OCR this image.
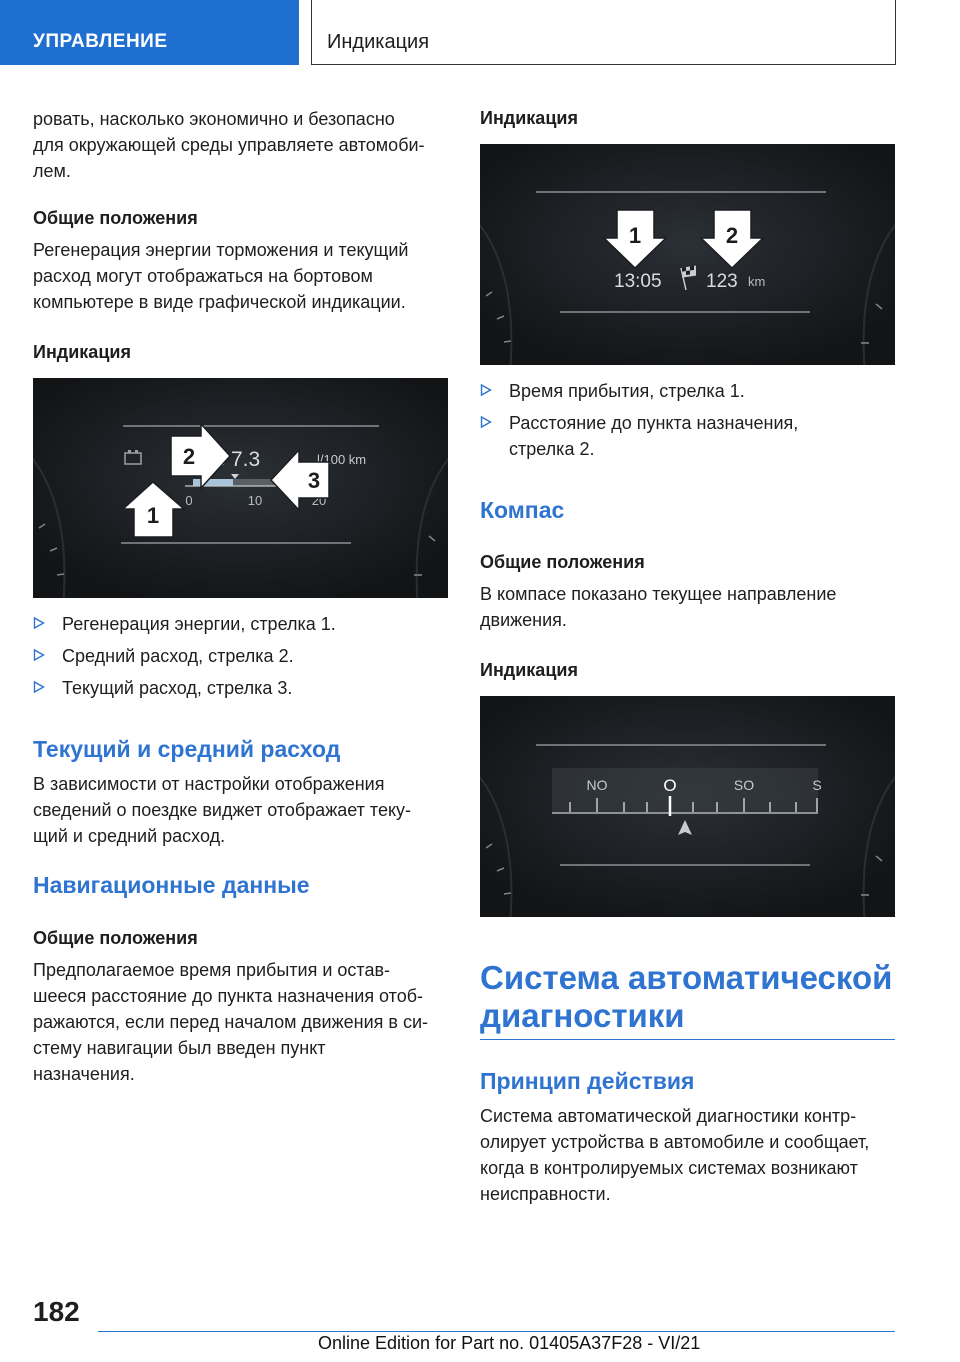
УПРАВЛЕНИЕ	Индикация
ровать, насколько экономично и безопасно
для окружающей среды управляете автомоби-
лем.
Общие положения
Регенерация энергии торможения и текущий
расход могут отображаться на бортовом
компьютере в виде графической индикации.
Индикация
7.3	l/100 km
0	10	20
1
2
3
Регенерация энергии, стрелка 1.
Средний расход, стрелка 2.
Текущий расход, стрелка 3.
Текущий и средний расход
В зависимости от настройки отображения
сведений о поездке виджет отображает теку-
щий и средний расход.
Навигационные данные
Общие положения
Предполагаемое время прибытия и остав-
шееся расстояние до пункта назначения отоб-
ражаются, если перед началом движения в си-
стему навигации был введен пункт
назначения.
Индикация
1	2
13:05 123 km
Время прибытия, стрелка 1.
Расстояние до пункта назначения,
стрелка 2.
Компас
Общие положения
В компасе показано текущее направление
движения.
Индикация
NO	O	SO	S
Система автоматической
диагностики
Принцип действия
Система автоматической диагностики контр-
олирует устройства в автомобиле и сообщает,
когда в контролируемых системах возникают
неисправности.
182
Online Edition for Part no. 01405A37F28 - VI/21
